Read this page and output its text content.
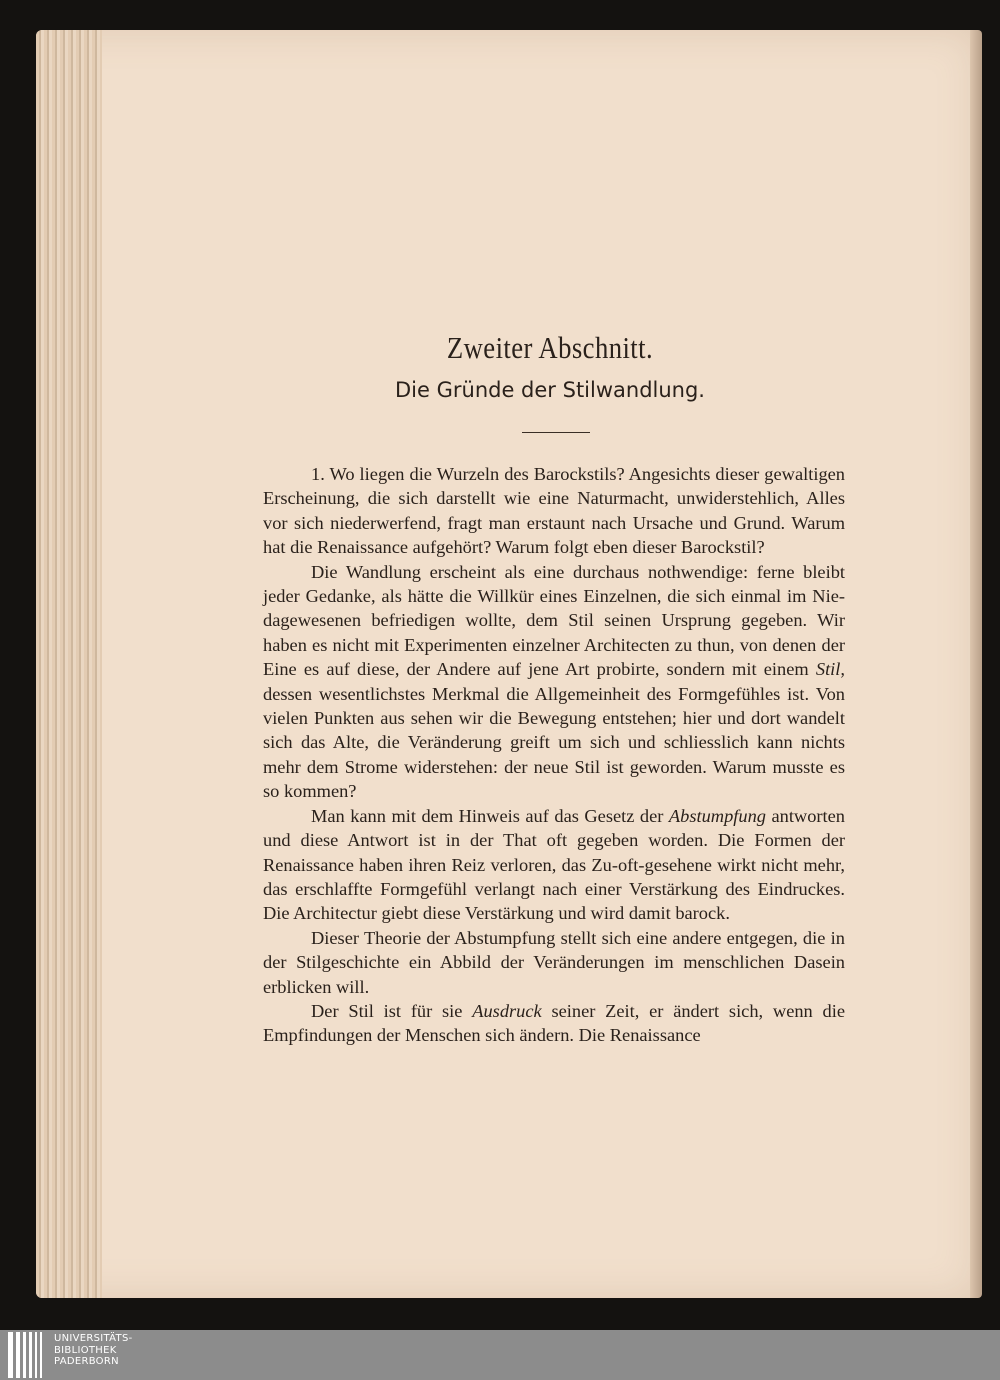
Zweiter Abschnitt.
Die Gründe der Stilwandlung.

1. Wo liegen die Wurzeln des Barockstils? Angesichts dieser gewaltigen Erscheinung, die sich darstellt wie eine Naturmacht, unwiderstehlich, Alles vor sich niederwerfend, fragt man erstaunt nach Ursache und Grund. Warum hat die Renaissance aufgehört? Warum folgt eben dieser Barockstil?

Die Wandlung erscheint als eine durchaus nothwendige: ferne bleibt jeder Gedanke, als hätte die Willkür eines Einzelnen, die sich einmal im Nie-dagewesenen befriedigen wollte, dem Stil seinen Ursprung gegeben. Wir haben es nicht mit Experimenten einzelner Architecten zu thun, von denen der Eine es auf diese, der Andere auf jene Art probirte, sondern mit einem Stil, dessen wesentlichstes Merkmal die Allgemeinheit des Formgefühles ist. Von vielen Punkten aus sehen wir die Bewegung entstehen; hier und dort wandelt sich das Alte, die Veränderung greift um sich und schliesslich kann nichts mehr dem Strome widerstehen: der neue Stil ist geworden. Warum musste es so kommen?

Man kann mit dem Hinweis auf das Gesetz der Abstumpfung antworten und diese Antwort ist in der That oft gegeben worden. Die Formen der Renaissance haben ihren Reiz verloren, das Zu-oft-gesehene wirkt nicht mehr, das erschlaffte Formgefühl verlangt nach einer Verstärkung des Eindruckes. Die Architectur giebt diese Verstärkung und wird damit barock.

Dieser Theorie der Abstumpfung stellt sich eine andere entgegen, die in der Stilgeschichte ein Abbild der Veränderungen im menschlichen Dasein erblicken will.

Der Stil ist für sie Ausdruck seiner Zeit, er ändert sich, wenn die Empfindungen der Menschen sich ändern. Die Renaissance

UNIVERSITÄTS-
BIBLIOTHEK
PADERBORN
